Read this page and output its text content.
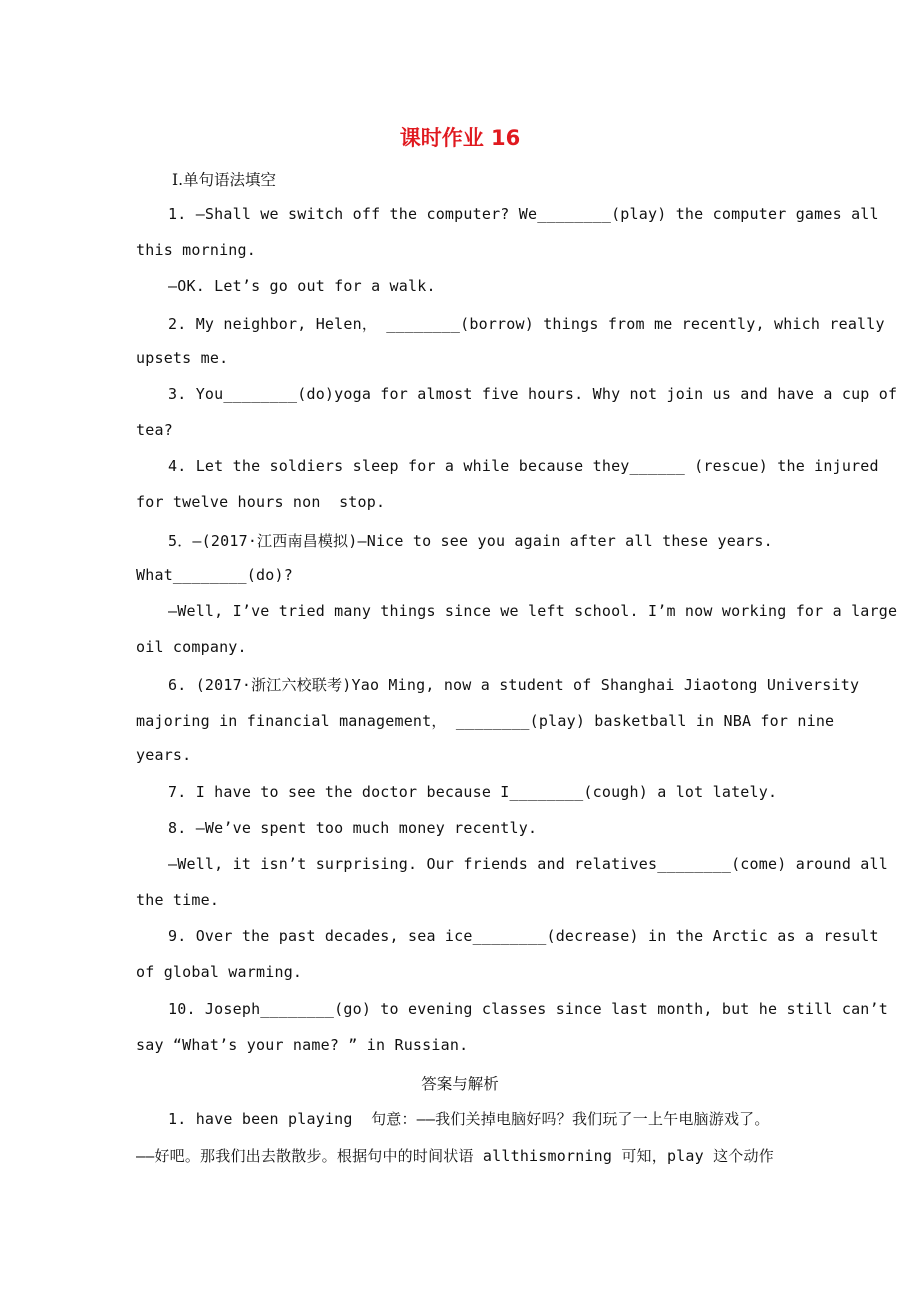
课时作业 16
Ⅰ.单句语法填空
1. —Shall we switch off the computer? We________(play) the computer games all
this morning.
—OK. Let’s go out for a walk.
2. My neighbor, Helen， ________(borrow) things from me recently, which really
upsets me.
3. You________(do)yoga for almost five hours. Why not join us and have a cup of
tea?
4. Let the soldiers sleep for a while because they______ (rescue) the injured
for twelve hours non  stop.
5．—(2017·江西南昌模拟)—Nice to see you again after all these years.
What________(do)?
—Well, I’ve tried many things since we left school. I’m now working for a large
oil company.
6. (2017·浙江六校联考)Yao Ming, now a student of Shanghai Jiaotong University
majoring in financial management， ________(play) basketball in NBA for nine
years.
7. I have to see the doctor because I________(cough) a lot lately.
8. —We’ve spent too much money recently.
—Well, it isn’t surprising. Our friends and relatives________(come) around all
the time.
9. Over the past decades, sea ice________(decrease) in the Arctic as a result
of global warming.
10. Joseph________(go) to evening classes since last month, but he still can’t
say “What’s your name? ” in Russian.
答案与解析
1. have been playing  句意：——我们关掉电脑好吗？我们玩了一上午电脑游戏了。
——好吧。那我们出去散散步。根据句中的时间状语 allthismorning 可知，play 这个动作
